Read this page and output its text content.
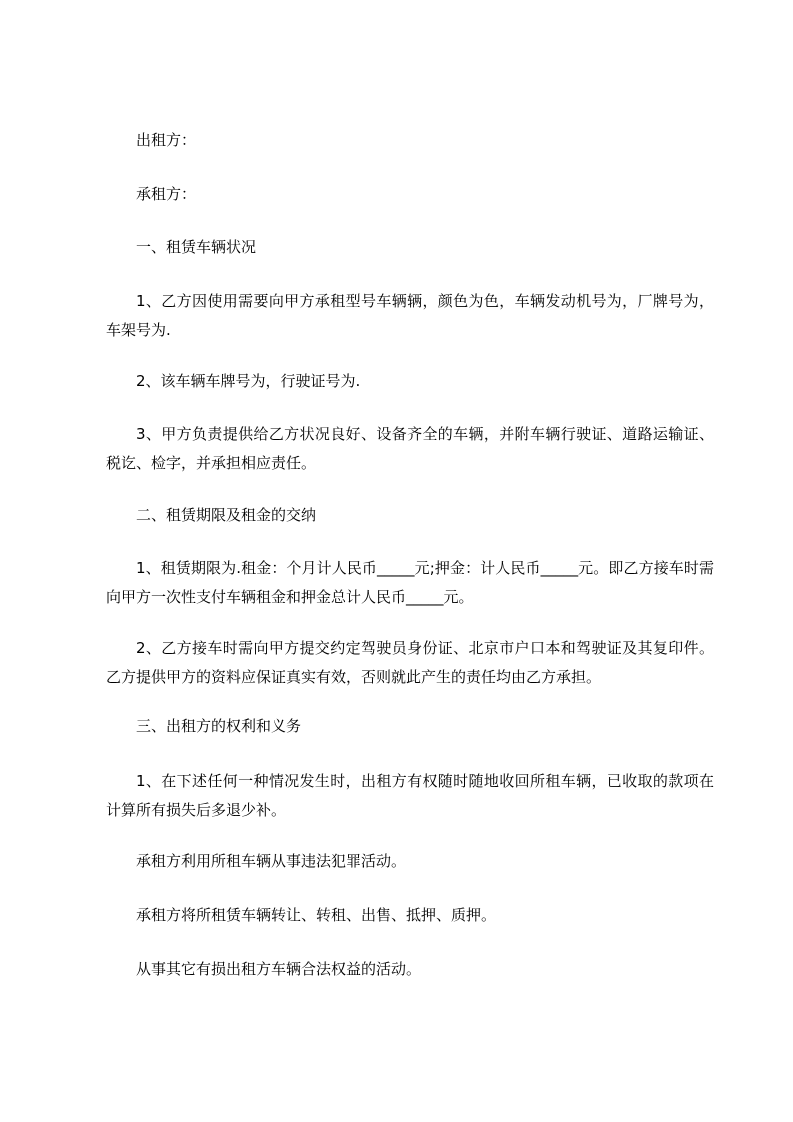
出租方：

承租方：

一、租赁车辆状况

1、乙方因使用需要向甲方承租型号车辆辆，颜色为色，车辆发动机号为，厂牌号为，车架号为.

2、该车辆车牌号为，行驶证号为.

3、甲方负责提供给乙方状况良好、设备齐全的车辆，并附车辆行驶证、道路运输证、税讫、检字，并承担相应责任。

二、租赁期限及租金的交纳

1、租赁期限为.租金：个月计人民币_____元;押金：计人民币_____元。即乙方接车时需向甲方一次性支付车辆租金和押金总计人民币_____元。

2、乙方接车时需向甲方提交约定驾驶员身份证、北京市户口本和驾驶证及其复印件。乙方提供甲方的资料应保证真实有效，否则就此产生的责任均由乙方承担。

三、出租方的权利和义务

1、在下述任何一种情况发生时，出租方有权随时随地收回所租车辆，已收取的款项在计算所有损失后多退少补。

承租方利用所租车辆从事违法犯罪活动。

承租方将所租赁车辆转让、转租、出售、抵押、质押。

从事其它有损出租方车辆合法权益的活动。
